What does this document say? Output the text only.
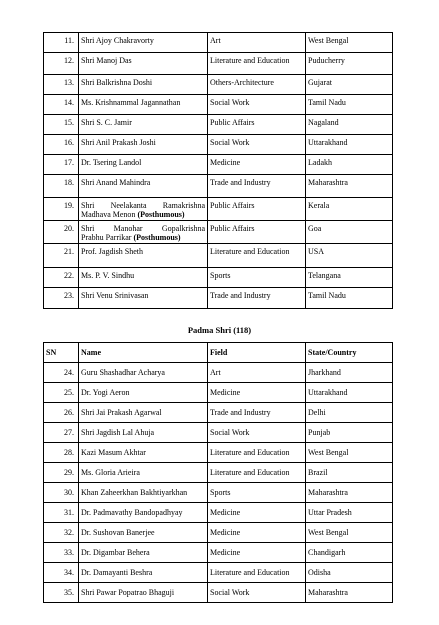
11.	Shri Ajoy Chakravorty	Art	West Bengal
12.	Shri Manoj Das	Literature and Education	Puducherry
13.	Shri Balkrishna Doshi	Others-Architecture	Gujarat
14.	Ms. Krishnammal Jagannathan	Social Work	Tamil Nadu
15.	Shri S. C. Jamir	Public Affairs	Nagaland
16.	Shri Anil Prakash Joshi	Social Work	Uttarakhand
17.	Dr. Tsering Landol	Medicine	Ladakh
18.	Shri Anand Mahindra	Trade and Industry	Maharashtra
19.	Shri Neelakanta Ramakrishna
Madhava Menon (Posthumous)	Public Affairs	Kerala
20.	Shri Manohar Gopalkrishna
Prabhu Parrikar (Posthumous)	Public Affairs	Goa
21.	Prof. Jagdish Sheth	Literature and Education	USA
22.	Ms. P. V. Sindhu	Sports	Telangana
23.	Shri Venu Srinivasan	Trade and Industry	Tamil Nadu
Padma Shri (118)
SN	Name	Field	State/Country
24.	Guru Shashadhar Acharya	Art	Jharkhand
25.	Dr. Yogi Aeron	Medicine	Uttarakhand
26.	Shri Jai Prakash Agarwal	Trade and Industry	Delhi
27.	Shri Jagdish Lal Ahuja	Social Work	Punjab
28.	Kazi Masum Akhtar	Literature and Education	West Bengal
29.	Ms. Gloria Arieira	Literature and Education	Brazil
30.	Khan Zaheerkhan Bakhtiyarkhan	Sports	Maharashtra
31.	Dr. Padmavathy Bandopadhyay	Medicine	Uttar Pradesh
32.	Dr. Sushovan Banerjee	Medicine	West Bengal
33.	Dr. Digambar Behera	Medicine	Chandigarh
34.	Dr. Damayanti Beshra	Literature and Education	Odisha
35.	Shri Pawar Popatrao Bhaguji	Social Work	Maharashtra
